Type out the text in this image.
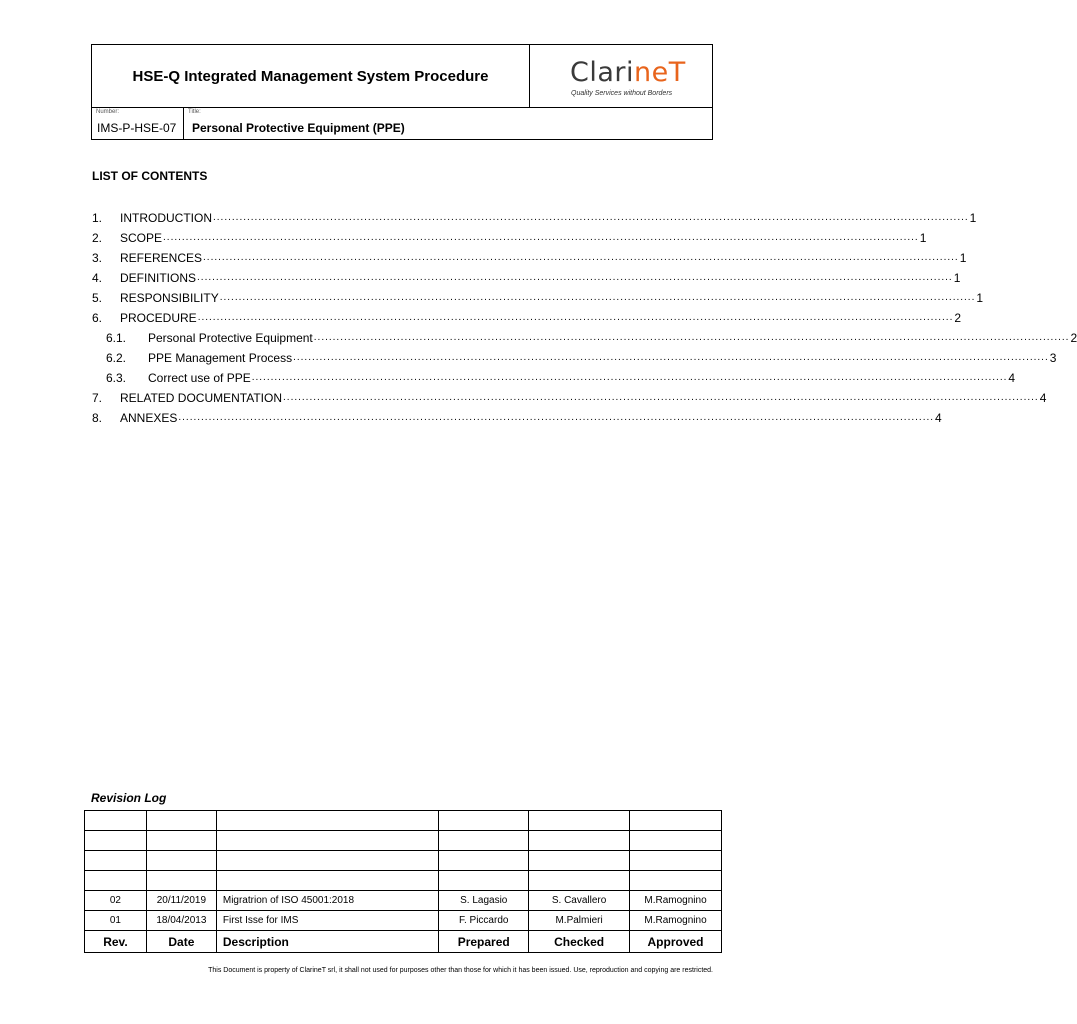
HSE-Q Integrated Management System Procedure	ClarineT
Quality Services without Borders
Number:
IMS-P-HSE-07
Title:
Personal Protective Equipment (PPE)
LIST OF CONTENTS
1.	INTRODUCTION ........................................................................................................................................................................................................ 1
2.	SCOPE ........................................................................................................................................................................................................ 1
3.	REFERENCES ........................................................................................................................................................................................................ 1
4.	DEFINITIONS ........................................................................................................................................................................................................ 1
5.	RESPONSIBILITY ........................................................................................................................................................................................................ 1
6.	PROCEDURE ........................................................................................................................................................................................................ 2
6.1.	Personal Protective Equipment ........................................................................................................................................................................................................ 2
6.2.	PPE Management Process ........................................................................................................................................................................................................ 3
6.3.	Correct use of PPE ........................................................................................................................................................................................................ 4
7.	RELATED DOCUMENTATION ........................................................................................................................................................................................................ 4
8.	ANNEXES ........................................................................................................................................................................................................ 4
Revision Log

02	20/11/2019	Migratrion of ISO 45001:2018	S. Lagasio	S. Cavallero	M.Ramognino
01	18/04/2013	First Isse for IMS	F. Piccardo	M.Palmieri	M.Ramognino
Rev.	Date	Description	Prepared	Checked	Approved
This Document is property of ClarineT srl, it shall not used for purposes other than those for which it has been issued. Use, reproduction and copying are restricted.
